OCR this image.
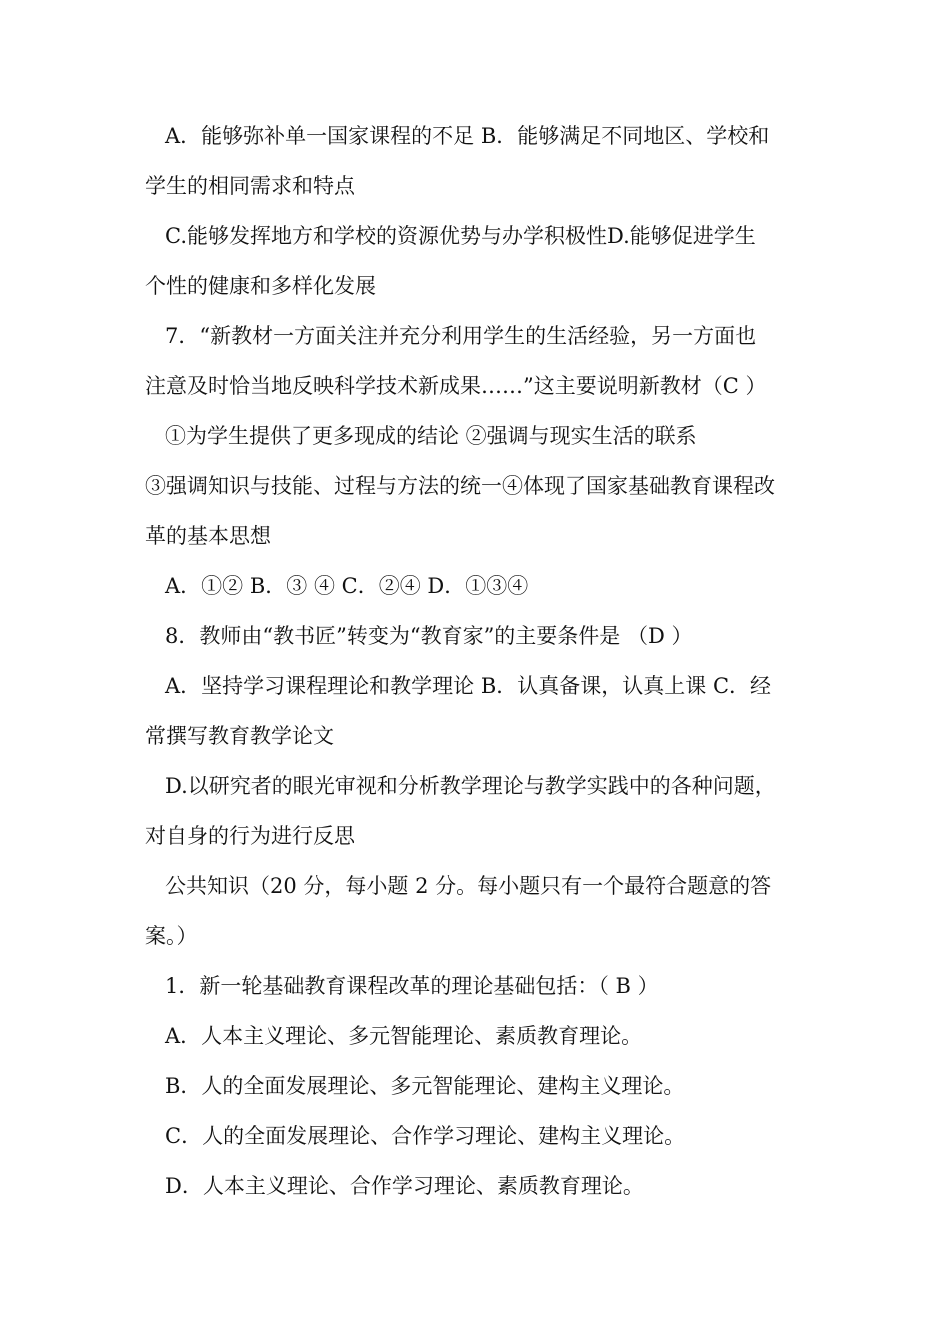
A．能够弥补单一国家课程的不足 B．能够满足不同地区、学校和

学生的相同需求和特点

C.能够发挥地方和学校的资源优势与办学积极性D.能够促进学生

个性的健康和多样化发展

7．“新教材一方面关注并充分利用学生的生活经验，另一方面也

注意及时恰当地反映科学技术新成果……”这主要说明新教材（C ）

①为学生提供了更多现成的结论 ②强调与现实生活的联系

③强调知识与技能、过程与方法的统一④体现了国家基础教育课程改

革的基本思想

A．①② B．③ ④ C．②④ D．①③④

8．教师由“教书匠”转变为“教育家”的主要条件是 （D ）

A．坚持学习课程理论和教学理论 B．认真备课，认真上课 C．经

常撰写教育教学论文

D.以研究者的眼光审视和分析教学理论与教学实践中的各种问题，

对自身的行为进行反思

公共知识（20 分，每小题 2 分。每小题只有一个最符合题意的答

案。）

1．新一轮基础教育课程改革的理论基础包括：（ B ）

A．人本主义理论、多元智能理论、素质教育理论。

B．人的全面发展理论、多元智能理论、建构主义理论。

C．人的全面发展理论、合作学习理论、建构主义理论。

D．人本主义理论、合作学习理论、素质教育理论。
